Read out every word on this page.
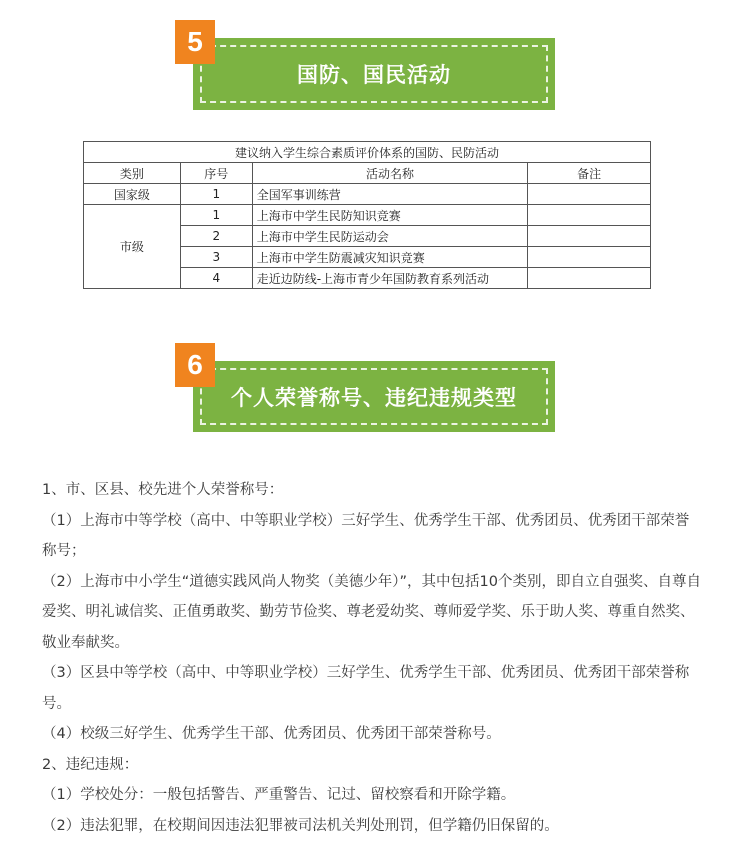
国防、国民活动
5
建议纳入学生综合素质评价体系的国防、民防活动			
类别	序号	活动名称	备注
国家级	1	全国军事训练营	
市级	1	上海市中学生民防知识竞赛	
	2	上海市中学生民防运动会	
	3	上海市中学生防震减灾知识竞赛	
	4	走近边防线-上海市青少年国防教育系列活动	
个人荣誉称号、违纪违规类型
6

1、市、区县、校先进个人荣誉称号：

（1）上海市中等学校（高中、中等职业学校）三好学生、优秀学生干部、优秀团员、优秀团干部荣誉称号；

（2）上海市中小学生“道德实践风尚人物奖（美德少年）”，其中包括10个类别，即自立自强奖、自尊自爱奖、明礼诚信奖、正值勇敢奖、勤劳节俭奖、尊老爱幼奖、尊师爱学奖、乐于助人奖、尊重自然奖、敬业奉献奖。

（3）区县中等学校（高中、中等职业学校）三好学生、优秀学生干部、优秀团员、优秀团干部荣誉称号。

（4）校级三好学生、优秀学生干部、优秀团员、优秀团干部荣誉称号。

2、违纪违规：

（1）学校处分：一般包括警告、严重警告、记过、留校察看和开除学籍。

（2）违法犯罪，在校期间因违法犯罪被司法机关判处刑罚，但学籍仍旧保留的。
